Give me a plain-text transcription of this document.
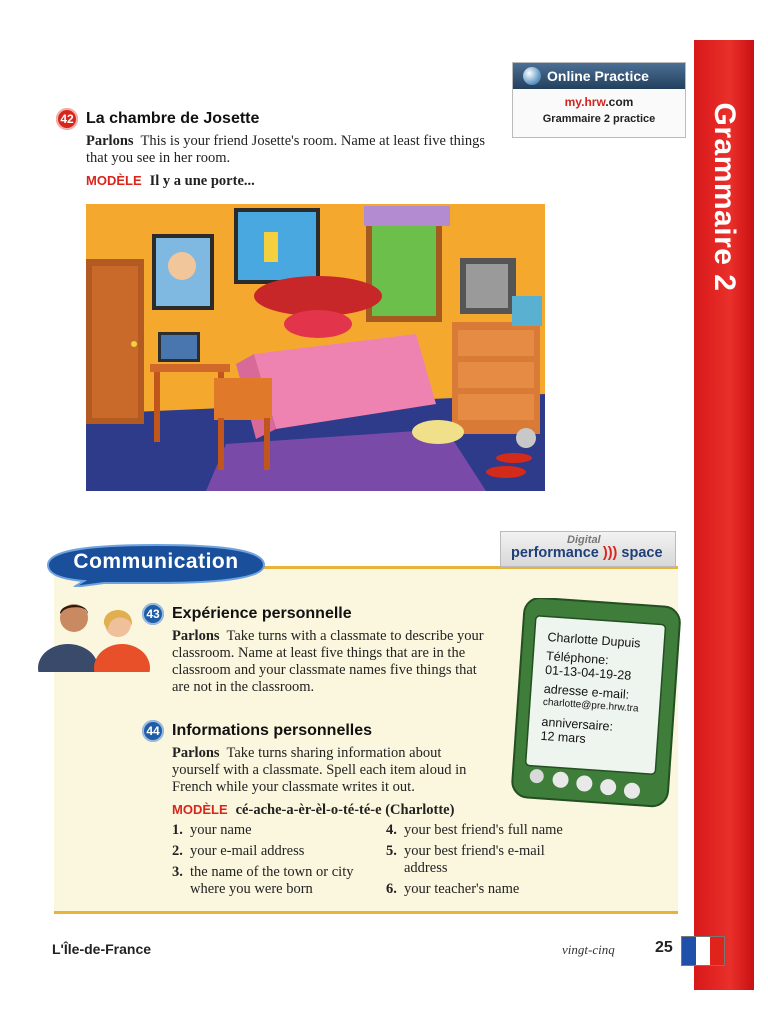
Grammaire 2
Online Practice
my.hrw.com
Grammaire 2 practice
42 La chambre de Josette
Parlons This is your friend Josette's room. Name at least five things that you see in her room.
MODÈLE Il y a une porte...
Communication
Digital
performance ))) space
43 Expérience personnelle
Parlons Take turns with a classmate to describe your classroom. Name at least five things that are in the classroom and your classmate names five things that are not in the classroom.
Charlotte Dupuis
Téléphone:
01-13-04-19-28
adresse e-mail:
charlotte@pre.hrw.tra
anniversaire:
12 mars
44 Informations personnelles
Parlons Take turns sharing information about yourself with a classmate. Spell each item aloud in French while your classmate writes it out.
MODÈLE cé-ache-a-èr-èl-o-té-té-e (Charlotte)
1. your name
2. your e-mail address
3. the name of the town or city where you were born
4. your best friend's full name
5. your best friend's e-mail address
6. your teacher's name
L'Île-de-France	vingt-cinq	25
